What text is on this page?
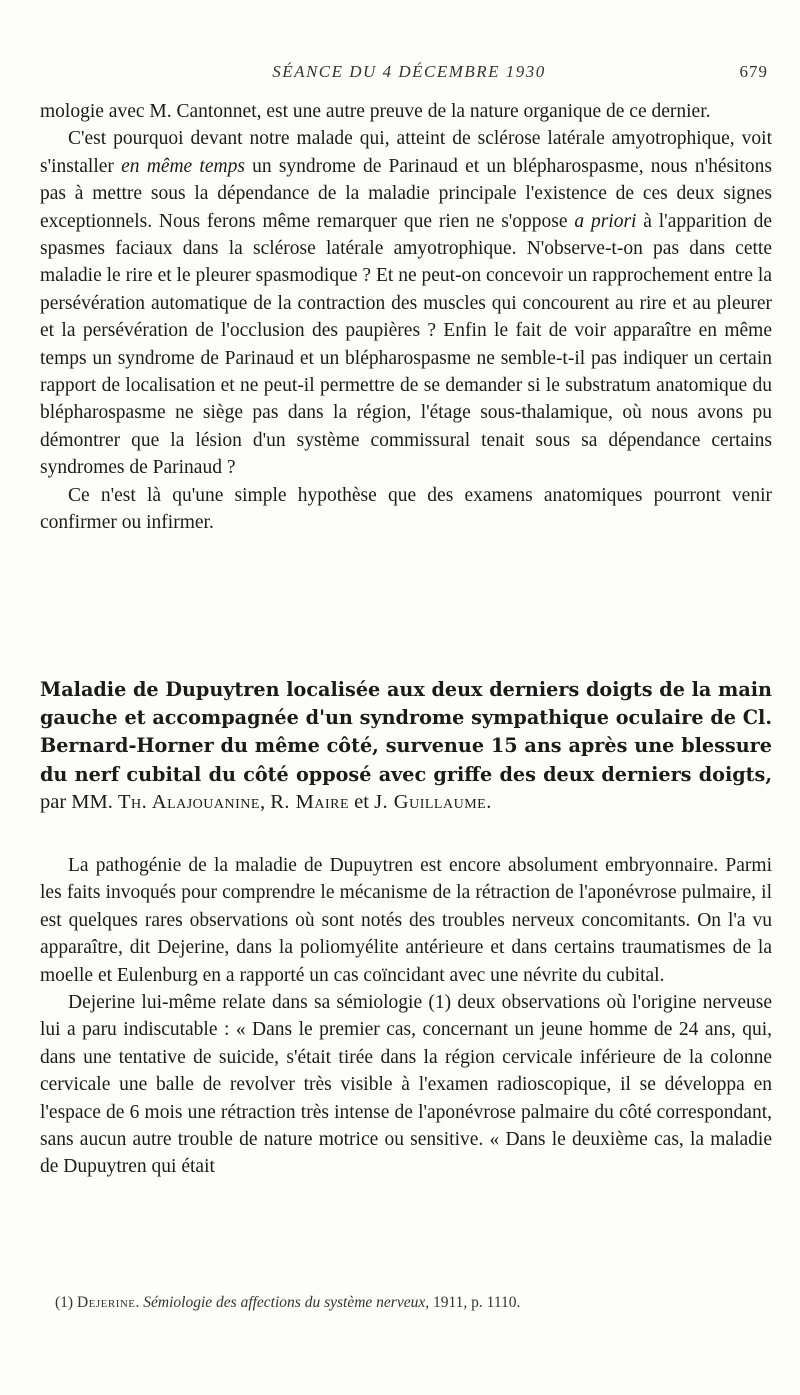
SÉANCE DU 4 DÉCEMBRE 1930	679

mologie avec M. Cantonnet, est une autre preuve de la nature organique de ce dernier.

C'est pourquoi devant notre malade qui, atteint de sclérose latérale amyotrophique, voit s'installer en même temps un syndrome de Parinaud et un blépharospasme, nous n'hésitons pas à mettre sous la dépendance de la maladie principale l'existence de ces deux signes exceptionnels. Nous ferons même remarquer que rien ne s'oppose a priori à l'apparition de spasmes faciaux dans la sclérose latérale amyotrophique. N'observe-t-on pas dans cette maladie le rire et le pleurer spasmodique ? Et ne peut-on concevoir un rapprochement entre la persévération automatique de la contraction des muscles qui concourent au rire et au pleurer et la persévération de l'occlusion des paupières ? Enfin le fait de voir apparaître en même temps un syndrome de Parinaud et un blépharospasme ne semble-t-il pas indiquer un certain rapport de localisation et ne peut-il permettre de se demander si le substratum anatomique du blépharospasme ne siège pas dans la région, l'étage sous-thalamique, où nous avons pu démontrer que la lésion d'un système commissural tenait sous sa dépendance certains syndromes de Parinaud ?

Ce n'est là qu'une simple hypothèse que des examens anatomiques pourront venir confirmer ou infirmer.

Maladie de Dupuytren localisée aux deux derniers doigts de la main gauche et accompagnée d'un syndrome sympathique oculaire de Cl. Bernard-Horner du même côté, survenue 15 ans après une blessure du nerf cubital du côté opposé avec griffe des deux derniers doigts, par MM. Th. Alajouanine, R. Maire et J. Guillaume.

La pathogénie de la maladie de Dupuytren est encore absolument embryonnaire. Parmi les faits invoqués pour comprendre le mécanisme de la rétraction de l'aponévrose pulmaire, il est quelques rares observations où sont notés des troubles nerveux concomitants. On l'a vu apparaître, dit Dejerine, dans la poliomyélite antérieure et dans certains traumatismes de la moelle et Eulenburg en a rapporté un cas coïncidant avec une névrite du cubital.

Dejerine lui-même relate dans sa sémiologie (1) deux observations où l'origine nerveuse lui a paru indiscutable : « Dans le premier cas, concernant un jeune homme de 24 ans, qui, dans une tentative de suicide, s'était tirée dans la région cervicale inférieure de la colonne cervicale une balle de revolver très visible à l'examen radioscopique, il se développa en l'espace de 6 mois une rétraction très intense de l'aponévrose palmaire du côté correspondant, sans aucun autre trouble de nature motrice ou sensitive. « Dans le deuxième cas, la maladie de Dupuytren qui était

(1) Dejerine. Sémiologie des affections du système nerveux, 1911, p. 1110.
